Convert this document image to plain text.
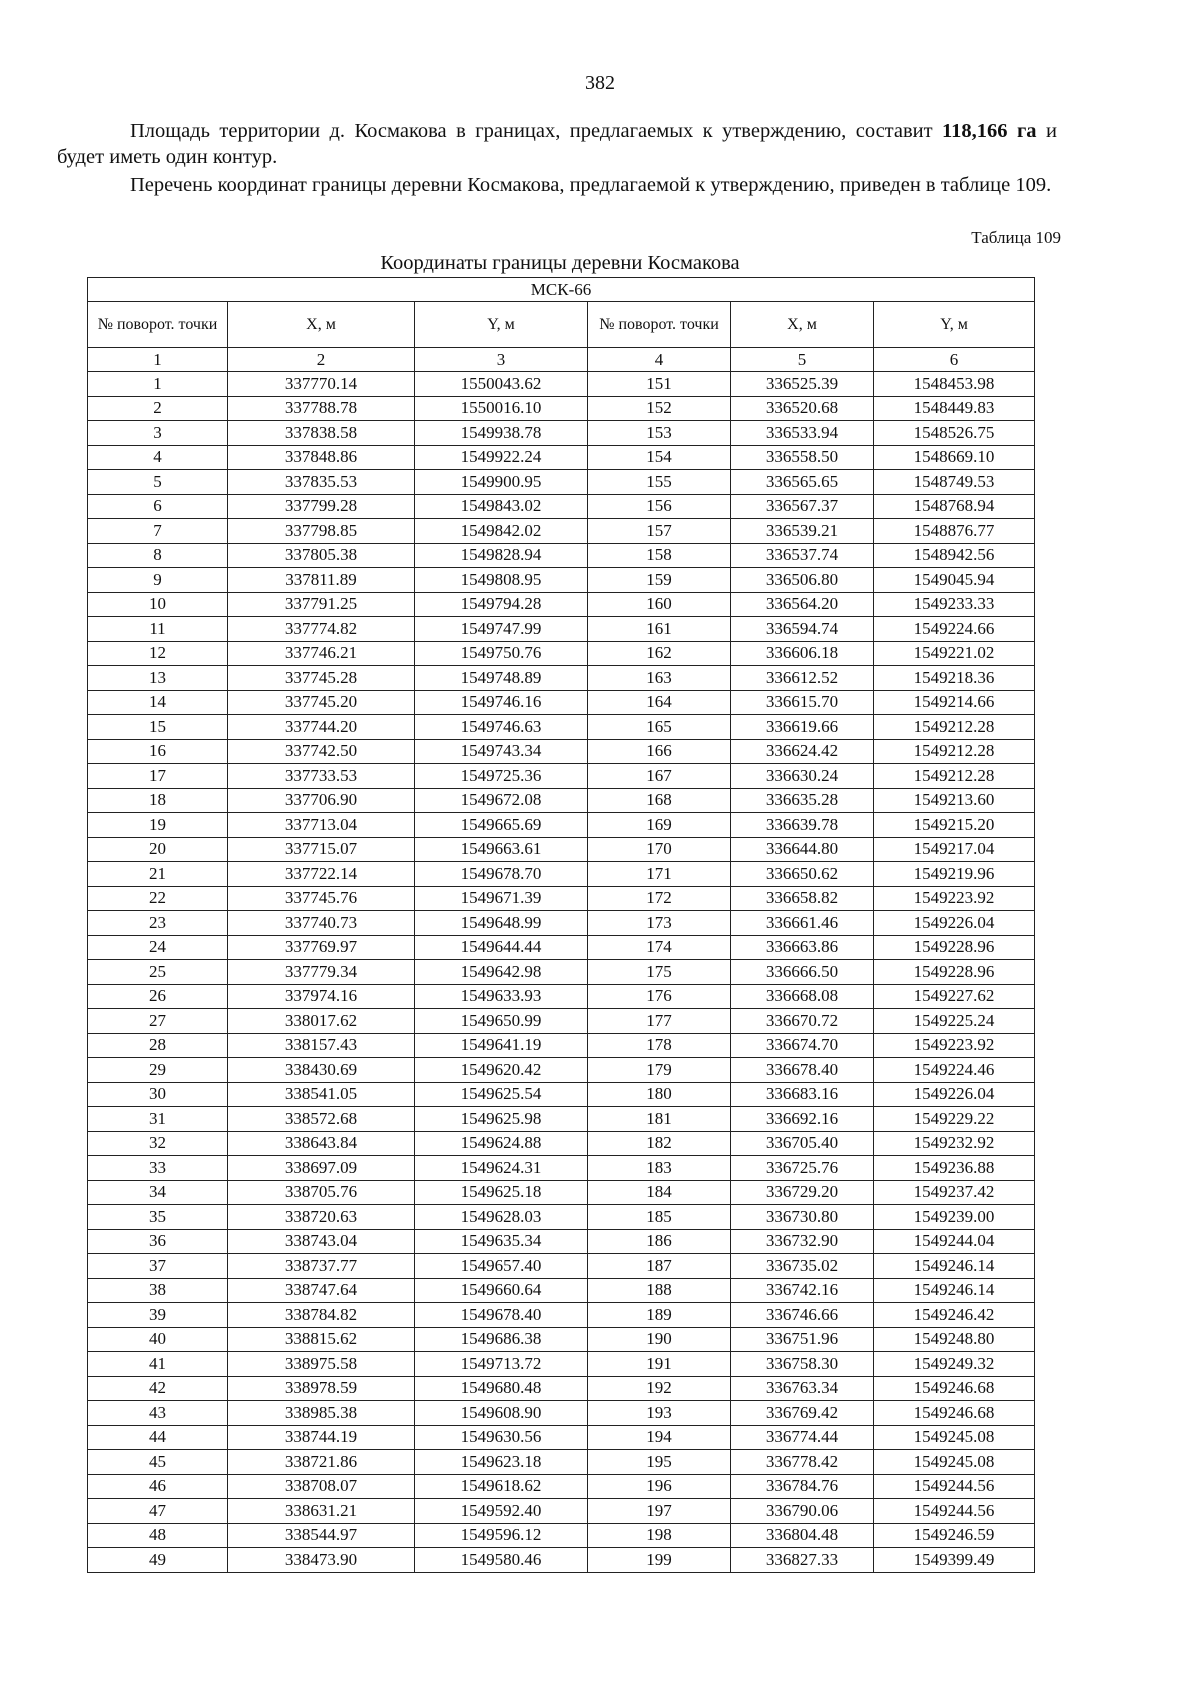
382

Площадь территории д. Космакова в границах, предлагаемых к утверждению, составит 118,166 га и будет иметь один контур.

Перечень координат границы деревни Космакова, предлагаемой к утверждению, приведен в таблице 109.

Таблица 109
Координаты границы деревни Космакова
МСК-66					
№ поворот. точки	X, м	Y, м	№ поворот. точки	X, м	Y, м
1	2	3	4	5	6
1	337770.14	1550043.62	151	336525.39	1548453.98
2	337788.78	1550016.10	152	336520.68	1548449.83
3	337838.58	1549938.78	153	336533.94	1548526.75
4	337848.86	1549922.24	154	336558.50	1548669.10
5	337835.53	1549900.95	155	336565.65	1548749.53
6	337799.28	1549843.02	156	336567.37	1548768.94
7	337798.85	1549842.02	157	336539.21	1548876.77
8	337805.38	1549828.94	158	336537.74	1548942.56
9	337811.89	1549808.95	159	336506.80	1549045.94
10	337791.25	1549794.28	160	336564.20	1549233.33
11	337774.82	1549747.99	161	336594.74	1549224.66
12	337746.21	1549750.76	162	336606.18	1549221.02
13	337745.28	1549748.89	163	336612.52	1549218.36
14	337745.20	1549746.16	164	336615.70	1549214.66
15	337744.20	1549746.63	165	336619.66	1549212.28
16	337742.50	1549743.34	166	336624.42	1549212.28
17	337733.53	1549725.36	167	336630.24	1549212.28
18	337706.90	1549672.08	168	336635.28	1549213.60
19	337713.04	1549665.69	169	336639.78	1549215.20
20	337715.07	1549663.61	170	336644.80	1549217.04
21	337722.14	1549678.70	171	336650.62	1549219.96
22	337745.76	1549671.39	172	336658.82	1549223.92
23	337740.73	1549648.99	173	336661.46	1549226.04
24	337769.97	1549644.44	174	336663.86	1549228.96
25	337779.34	1549642.98	175	336666.50	1549228.96
26	337974.16	1549633.93	176	336668.08	1549227.62
27	338017.62	1549650.99	177	336670.72	1549225.24
28	338157.43	1549641.19	178	336674.70	1549223.92
29	338430.69	1549620.42	179	336678.40	1549224.46
30	338541.05	1549625.54	180	336683.16	1549226.04
31	338572.68	1549625.98	181	336692.16	1549229.22
32	338643.84	1549624.88	182	336705.40	1549232.92
33	338697.09	1549624.31	183	336725.76	1549236.88
34	338705.76	1549625.18	184	336729.20	1549237.42
35	338720.63	1549628.03	185	336730.80	1549239.00
36	338743.04	1549635.34	186	336732.90	1549244.04
37	338737.77	1549657.40	187	336735.02	1549246.14
38	338747.64	1549660.64	188	336742.16	1549246.14
39	338784.82	1549678.40	189	336746.66	1549246.42
40	338815.62	1549686.38	190	336751.96	1549248.80
41	338975.58	1549713.72	191	336758.30	1549249.32
42	338978.59	1549680.48	192	336763.34	1549246.68
43	338985.38	1549608.90	193	336769.42	1549246.68
44	338744.19	1549630.56	194	336774.44	1549245.08
45	338721.86	1549623.18	195	336778.42	1549245.08
46	338708.07	1549618.62	196	336784.76	1549244.56
47	338631.21	1549592.40	197	336790.06	1549244.56
48	338544.97	1549596.12	198	336804.48	1549246.59
49	338473.90	1549580.46	199	336827.33	1549399.49
